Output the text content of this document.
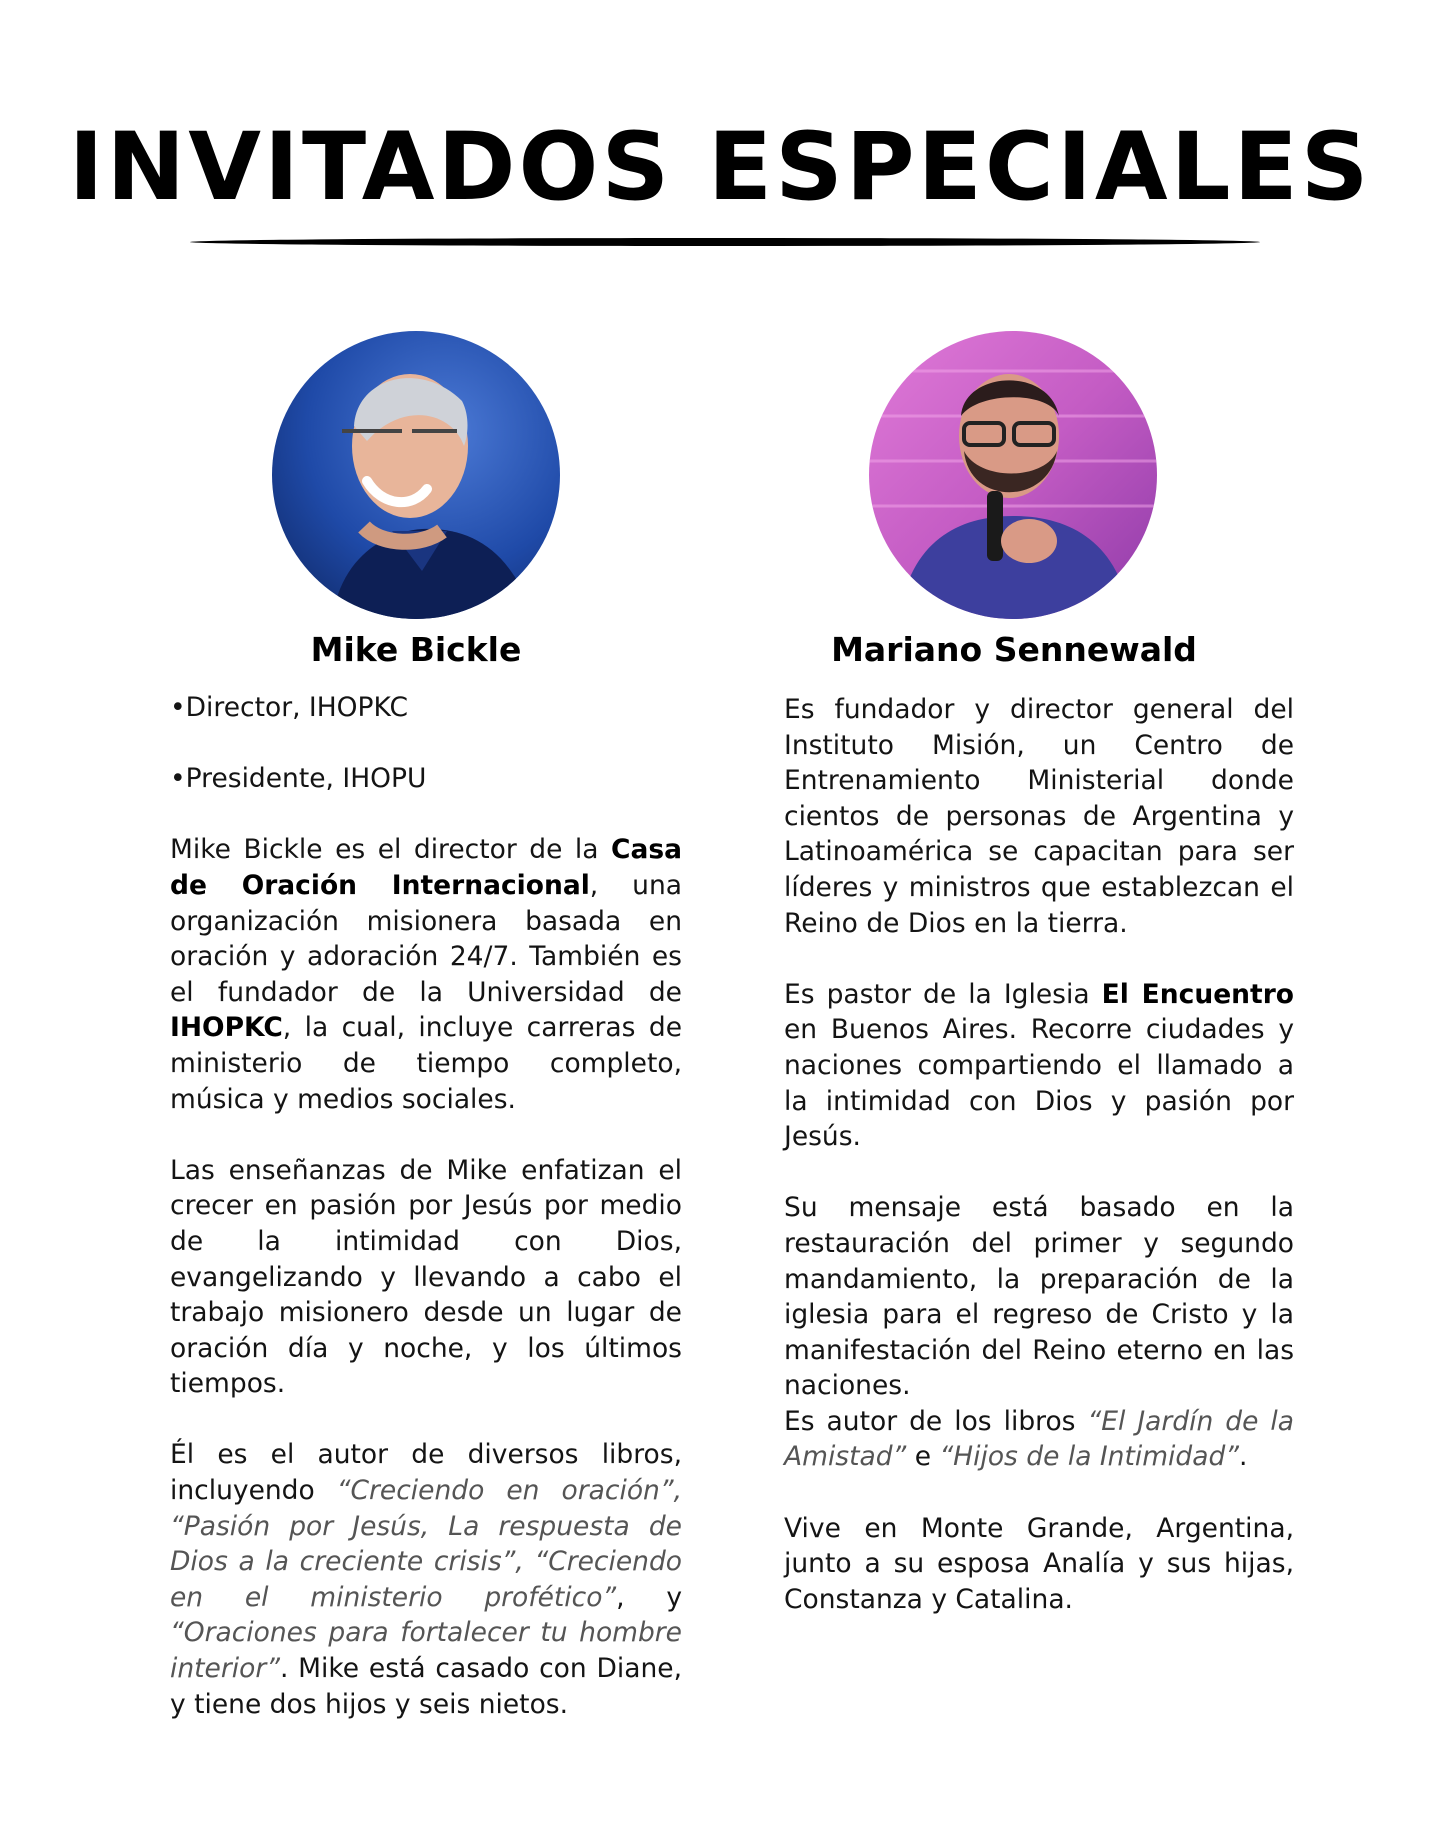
INVITADOS ESPECIALES
Mike Bickle	Mariano Sennewald

•Director, IHOPKC

•Presidente, IHOPU

Mike Bickle es el director de la Casa de Oración Internacional, una organización misionera basada en oración y adoración 24/7. También es el fundador de la Universidad de IHOPKC, la cual, incluye carreras de ministerio de tiempo completo, música y medios sociales.

Las enseñanzas de Mike enfatizan el crecer en pasión por Jesús por medio de la intimidad con Dios, evangelizando y llevando a cabo el trabajo misionero desde un lugar de oración día y noche, y los últimos tiempos.

Él es el autor de diversos libros, incluyendo “Creciendo en oración”, “Pasión por Jesús, La respuesta de Dios a la creciente crisis”, “Creciendo en el ministerio profético”, y “Oraciones para fortalecer tu hombre interior”. Mike está casado con Diane, y tiene dos hijos y seis nietos.

Es fundador y director general del Instituto Misión, un Centro de Entrenamiento Ministerial donde cientos de personas de Argentina y Latinoamérica se capacitan para ser líderes y ministros que establezcan el Reino de Dios en la tierra.

Es pastor de la Iglesia El Encuentro en Buenos Aires. Recorre ciudades y naciones compartiendo el llamado a la intimidad con Dios y pasión por Jesús.

Su mensaje está basado en la restauración del primer y segundo mandamiento, la preparación de la iglesia para el regreso de Cristo y la manifestación del Reino eterno en las naciones.

Es autor de los libros “El Jardín de la Amistad” e “Hijos de la Intimidad”.

Vive en Monte Grande, Argentina, junto a su esposa Analía y sus hijas, Constanza y Catalina.
